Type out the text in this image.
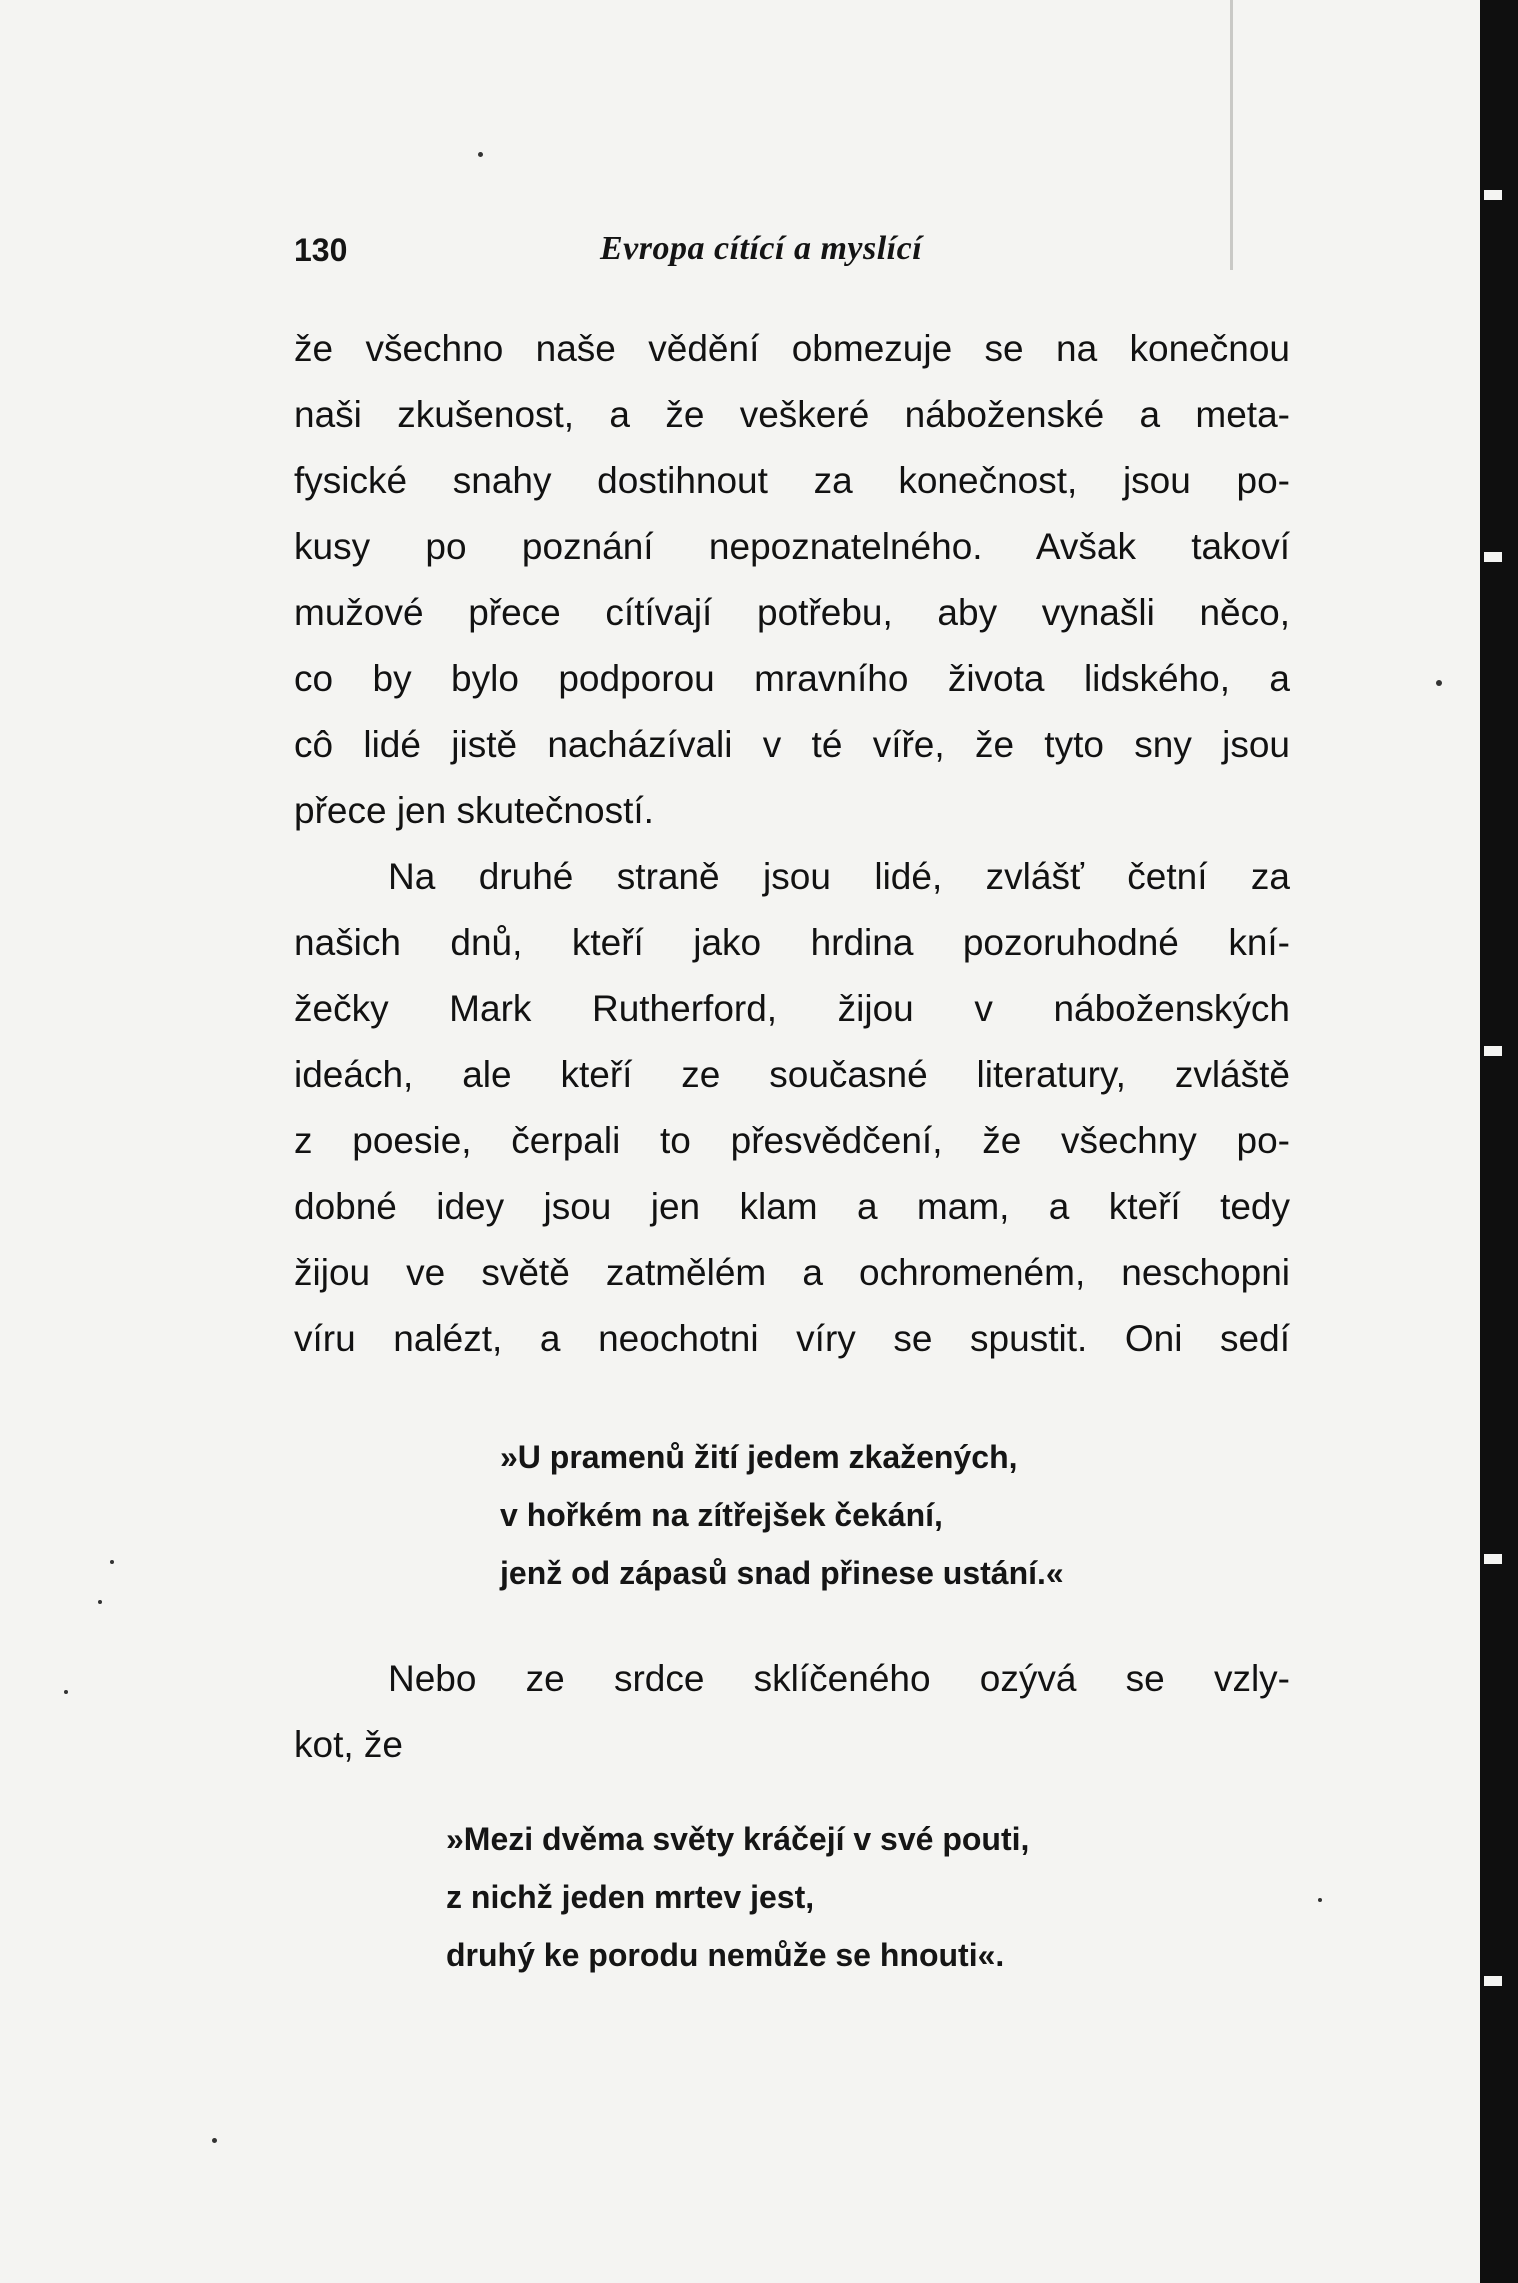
130	Evropa cítící a myslící
že všechno naše vědění obmezuje se na konečnou
naši zkušenost, a že veškeré náboženské a meta-
fysické snahy dostihnout za konečnost, jsou po-
kusy po poznání nepoznatelného. Avšak takoví
mužové přece cítívají potřebu, aby vynašli něco,
co by bylo podporou mravního života lidského, a
cô lidé jistě nacházívali v té víře, že tyto sny jsou
přece jen skutečností.
Na druhé straně jsou lidé, zvlášť četní za
našich dnů, kteří jako hrdina pozoruhodné kní-
žečky Mark Rutherford, žijou v náboženských
ideách, ale kteří ze současné literatury, zvláště
z poesie, čerpali to přesvědčení, že všechny po-
dobné idey jsou jen klam a mam, a kteří tedy
žijou ve světě zatmělém a ochromeném, neschopni
víru nalézt, a neochotni víry se spustit. Oni sedí
»U pramenů žití jedem zkažených,
v hořkém na zítřejšek čekání,
jenž od zápasů snad přinese ustání.«
Nebo ze srdce sklíčeného ozývá se vzly-
kot, že
»Mezi dvěma světy kráčejí v své pouti,
z nichž jeden mrtev jest,
druhý ke porodu nemůže se hnouti«.
